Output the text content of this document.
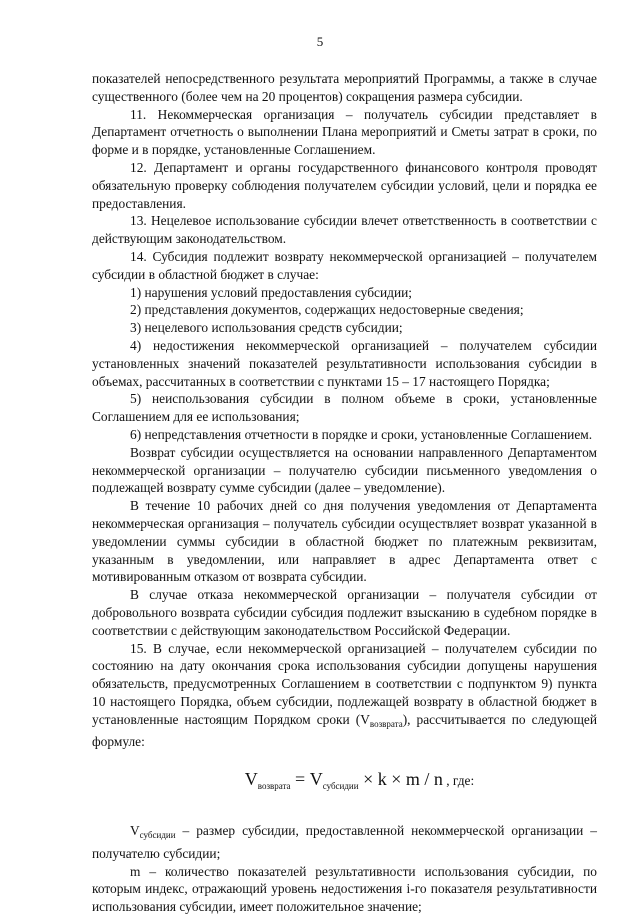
5

показателей непосредственного результата мероприятий Программы, а также в случае существенного (более чем на 20 процентов) сокращения размера субсидии.

11. Некоммерческая организация – получатель субсидии представляет в Департамент отчетность о выполнении Плана мероприятий и Сметы затрат в сроки, по форме и в порядке, установленные Соглашением.

12. Департамент и органы государственного финансового контроля проводят обязательную проверку соблюдения получателем субсидии условий, цели и порядка ее предоставления.

13. Нецелевое использование субсидии влечет ответственность в соответствии с действующим законодательством.

14. Субсидия подлежит возврату некоммерческой организацией – получателем субсидии в областной бюджет в случае:

1) нарушения условий предоставления субсидии;

2) представления документов, содержащих недостоверные сведения;

3) нецелевого использования средств субсидии;

4) недостижения некоммерческой организацией – получателем субсидии установленных значений показателей результативности использования субсидии в объемах, рассчитанных в соответствии с пунктами 15 – 17 настоящего Порядка;

5) неиспользования субсидии в полном объеме в сроки, установленные Соглашением для ее использования;

6) непредставления отчетности в порядке и сроки, установленные Соглашением.

Возврат субсидии осуществляется на основании направленного Департаментом некоммерческой организации – получателю субсидии письменного уведомления о подлежащей возврату сумме субсидии (далее – уведомление).

В течение 10 рабочих дней со дня получения уведомления от Департамента некоммерческая организация – получатель субсидии осуществляет возврат указанной в уведомлении суммы субсидии в областной бюджет по платежным реквизитам, указанным в уведомлении, или направляет в адрес Департамента ответ с мотивированным отказом от возврата субсидии.

В случае отказа некоммерческой организации – получателя субсидии от добровольного возврата субсидии субсидия подлежит взысканию в судебном порядке в соответствии с действующим законодательством Российской Федерации.

15. В случае, если некоммерческой организацией – получателем субсидии по состоянию на дату окончания срока использования субсидии допущены нарушения обязательств, предусмотренных Соглашением в соответствии с подпунктом 9) пункта 10 настоящего Порядка, объем субсидии, подлежащей возврату в областной бюджет в установленные настоящим Порядком сроки $(V_{возврата})$, рассчитывается по следующей формуле:

$V_{возврата} = V_{субсидии} \times k \times m / n$ , где:

$V_{субсидии}$ – размер субсидии, предоставленной некоммерческой организации – получателю субсидии;

m – количество показателей результативности использования субсидии, по которым индекс, отражающий уровень недостижения i-го показателя результативности использования субсидии, имеет положительное значение;
